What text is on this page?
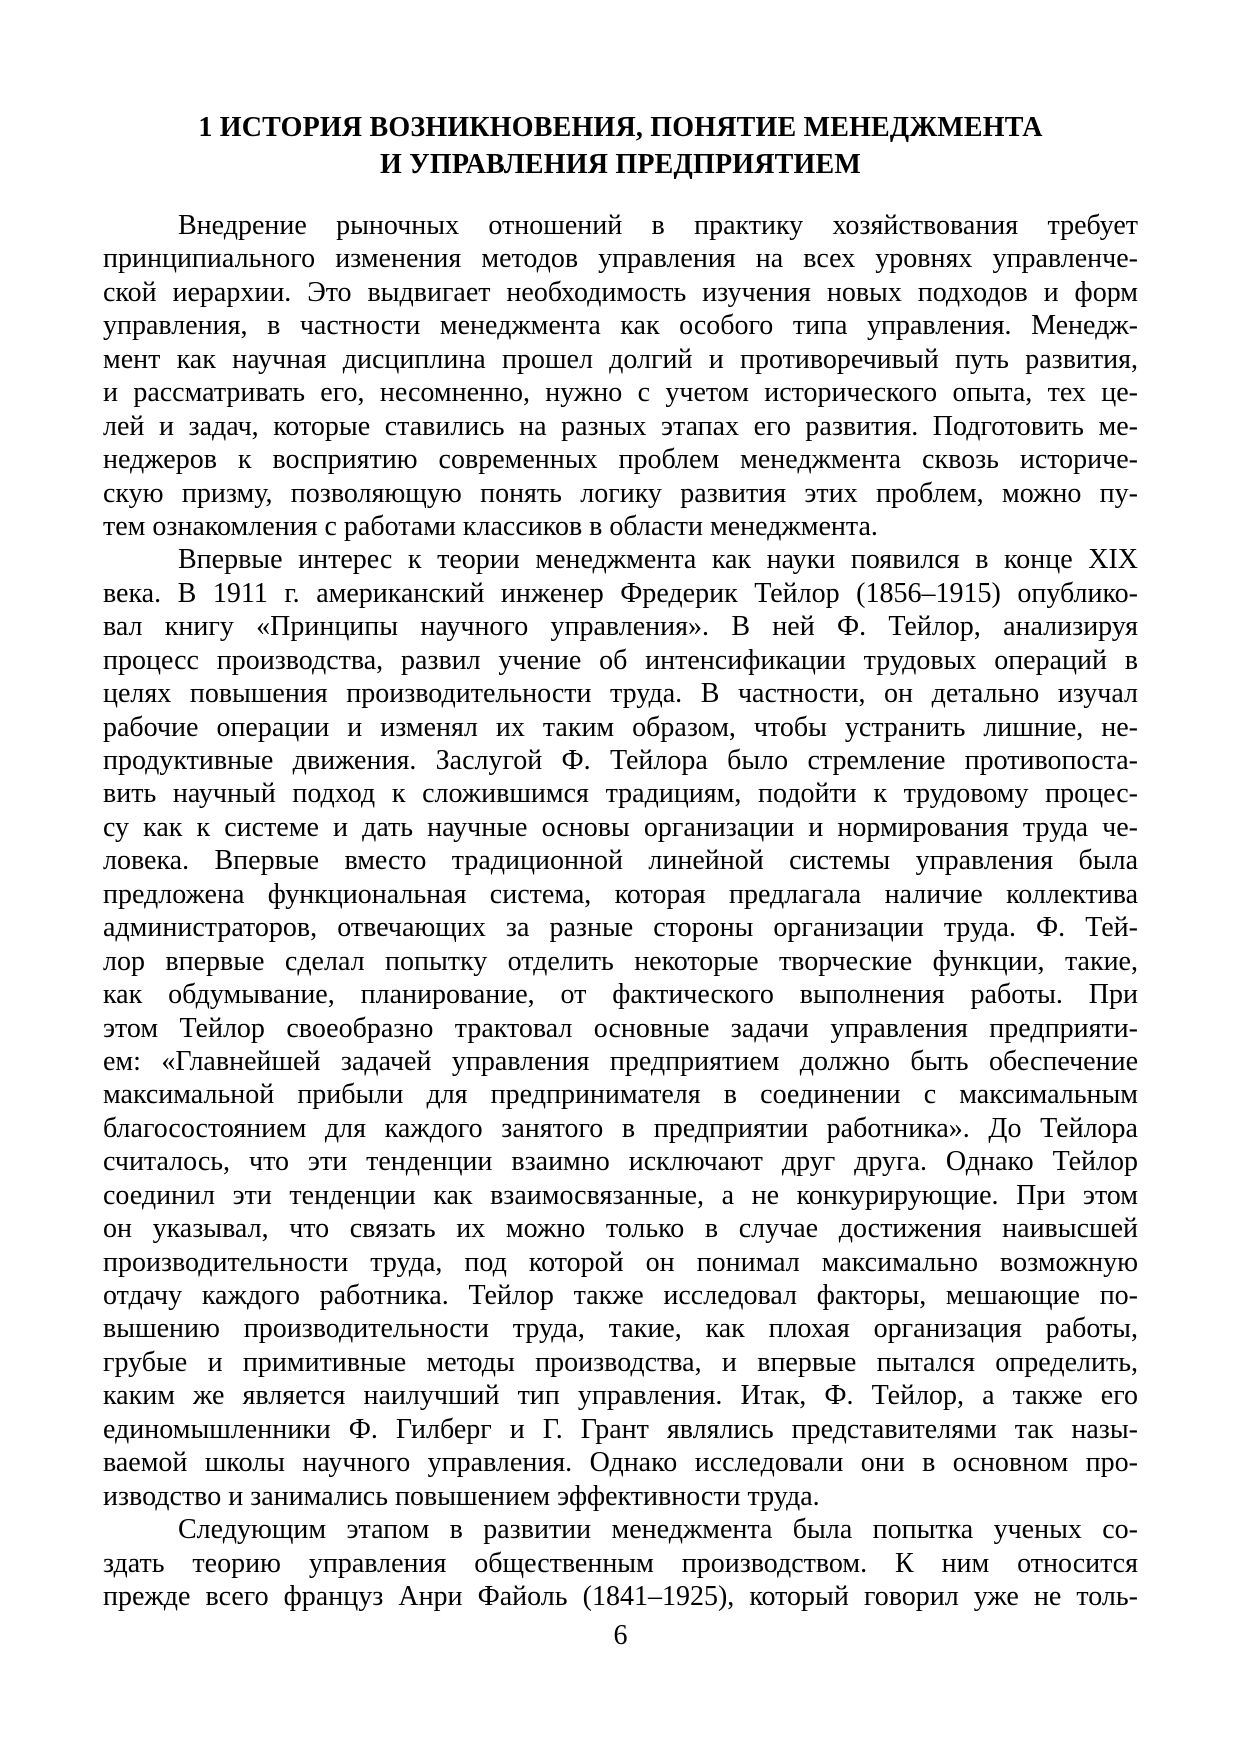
1 ИСТОРИЯ ВОЗНИКНОВЕНИЯ, ПОНЯТИЕ МЕНЕДЖМЕНТА
И УПРАВЛЕНИЯ ПРЕДПРИЯТИЕМ
Внедрение рыночных отношений в практику хозяйствования требует
принципиального изменения методов управления на всех уровнях управленче-
ской иерархии. Это выдвигает необходимость изучения новых подходов и форм
управления, в частности менеджмента как особого типа управления. Менедж-
мент как научная дисциплина прошел долгий и противоречивый путь развития,
и рассматривать его, несомненно, нужно с учетом исторического опыта, тех це-
лей и задач, которые ставились на разных этапах его развития. Подготовить ме-
неджеров к восприятию современных проблем менеджмента сквозь историче-
скую призму, позволяющую понять логику развития этих проблем, можно пу-
тем ознакомления с работами классиков в области менеджмента.
Впервые интерес к теории менеджмента как науки появился в конце XIX
века. В 1911 г. американский инженер Фредерик Тейлор (1856–1915) опублико-
вал книгу «Принципы научного управления». В ней Ф. Тейлор, анализируя
процесс производства, развил учение об интенсификации трудовых операций в
целях повышения производительности труда. В частности, он детально изучал
рабочие операции и изменял их таким образом, чтобы устранить лишние, не-
продуктивные движения. Заслугой Ф. Тейлора было стремление противопоста-
вить научный подход к сложившимся традициям, подойти к трудовому процес-
су как к системе и дать научные основы организации и нормирования труда че-
ловека. Впервые вместо традиционной линейной системы управления была
предложена функциональная система, которая предлагала наличие коллектива
администраторов, отвечающих за разные стороны организации труда. Ф. Тей-
лор впервые сделал попытку отделить некоторые творческие функции, такие,
как обдумывание, планирование, от фактического выполнения работы. При
этом Тейлор своеобразно трактовал основные задачи управления предприяти-
ем: «Главнейшей задачей управления предприятием должно быть обеспечение
максимальной прибыли для предпринимателя в соединении с максимальным
благосостоянием для каждого занятого в предприятии работника». До Тейлора
считалось, что эти тенденции взаимно исключают друг друга. Однако Тейлор
соединил эти тенденции как взаимосвязанные, а не конкурирующие. При этом
он указывал, что связать их можно только в случае достижения наивысшей
производительности труда, под которой он понимал максимально возможную
отдачу каждого работника. Тейлор также исследовал факторы, мешающие по-
вышению производительности труда, такие, как плохая организация работы,
грубые и примитивные методы производства, и впервые пытался определить,
каким же является наилучший тип управления. Итак, Ф. Тейлор, а также его
единомышленники Ф. Гилберг и Г. Грант являлись представителями так назы-
ваемой школы научного управления. Однако исследовали они в основном про-
изводство и занимались повышением эффективности труда.
Следующим этапом в развитии менеджмента была попытка ученых со-
здать теорию управления общественным производством. К ним относится
прежде всего француз Анри Файоль (1841–1925), который говорил уже не толь-
6
